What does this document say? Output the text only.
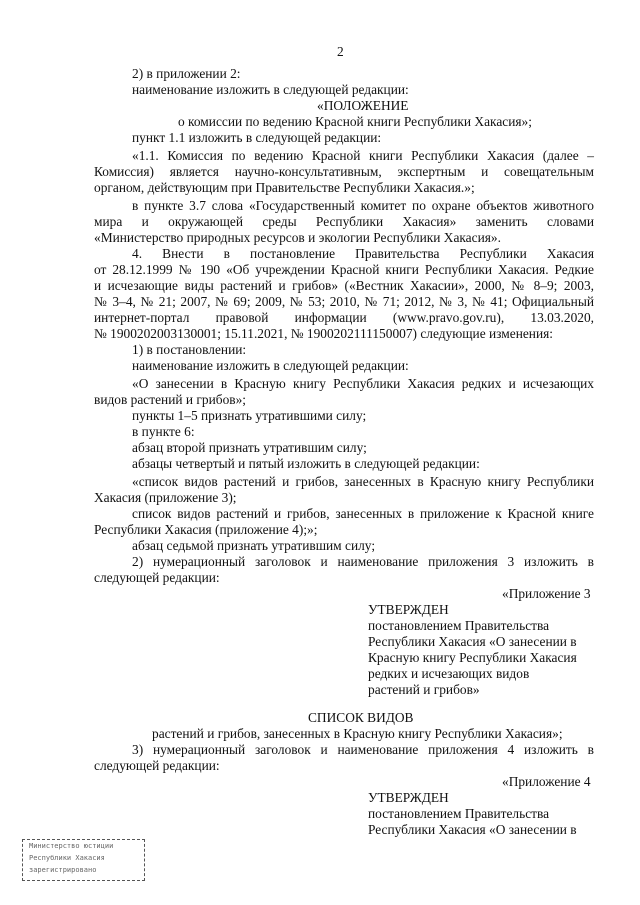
2
2) в приложении 2:
наименование изложить в следующей редакции:
«ПОЛОЖЕНИЕ
о комиссии по ведению Красной книги Республики Хакасия»;
пункт 1.1 изложить в следующей редакции:
«1.1. Комиссия по ведению Красной книги Республики Хакасия (далее –
Комиссия) является научно-консультативным, экспертным и совещательным
органом, действующим при Правительстве Республики Хакасия.»;
в пункте 3.7 слова «Государственный комитет по охране объектов животного
мира и окружающей среды Республики Хакасия» заменить словами
«Министерство природных ресурсов и экологии Республики Хакасия».
4. Внести в постановление Правительства Республики Хакасия
от 28.12.1999 № 190 «Об учреждении Красной книги Республики Хакасия. Редкие
и исчезающие виды растений и грибов» («Вестник Хакасии», 2000, № 8–9; 2003,
№ 3–4, № 21; 2007, № 69; 2009, № 53; 2010, № 71; 2012, № 3, № 41; Официальный
интернет-портал правовой информации (www.pravo.gov.ru), 13.03.2020,
№ 1900202003130001; 15.11.2021, № 1900202111150007) следующие изменения:
1) в постановлении:
наименование изложить в следующей редакции:
«О занесении в Красную книгу Республики Хакасия редких и исчезающих
видов растений и грибов»;
пункты 1–5 признать утратившими силу;
в пункте 6:
абзац второй признать утратившим силу;
абзацы четвертый и пятый изложить в следующей редакции:
«список видов растений и грибов, занесенных в Красную книгу Республики
Хакасия (приложение 3);
список видов растений и грибов, занесенных в приложение к Красной книге
Республики Хакасия (приложение 4);»;
абзац седьмой признать утратившим силу;
2) нумерационный заголовок и наименование приложения 3 изложить в
следующей редакции:
«Приложение 3
УТВЕРЖДЕН
постановлением Правительства
Республики Хакасия «О занесении в
Красную книгу Республики Хакасия
редких и исчезающих видов
растений и грибов»
СПИСОК ВИДОВ
растений и грибов, занесенных в Красную книгу Республики Хакасия»;
3) нумерационный заголовок и наименование приложения 4 изложить в
следующей редакции:
«Приложение 4
УТВЕРЖДЕН
постановлением Правительства
Республики Хакасия «О занесении в
Министерство юстиции
Республики Хакасия
зарегистрировано
